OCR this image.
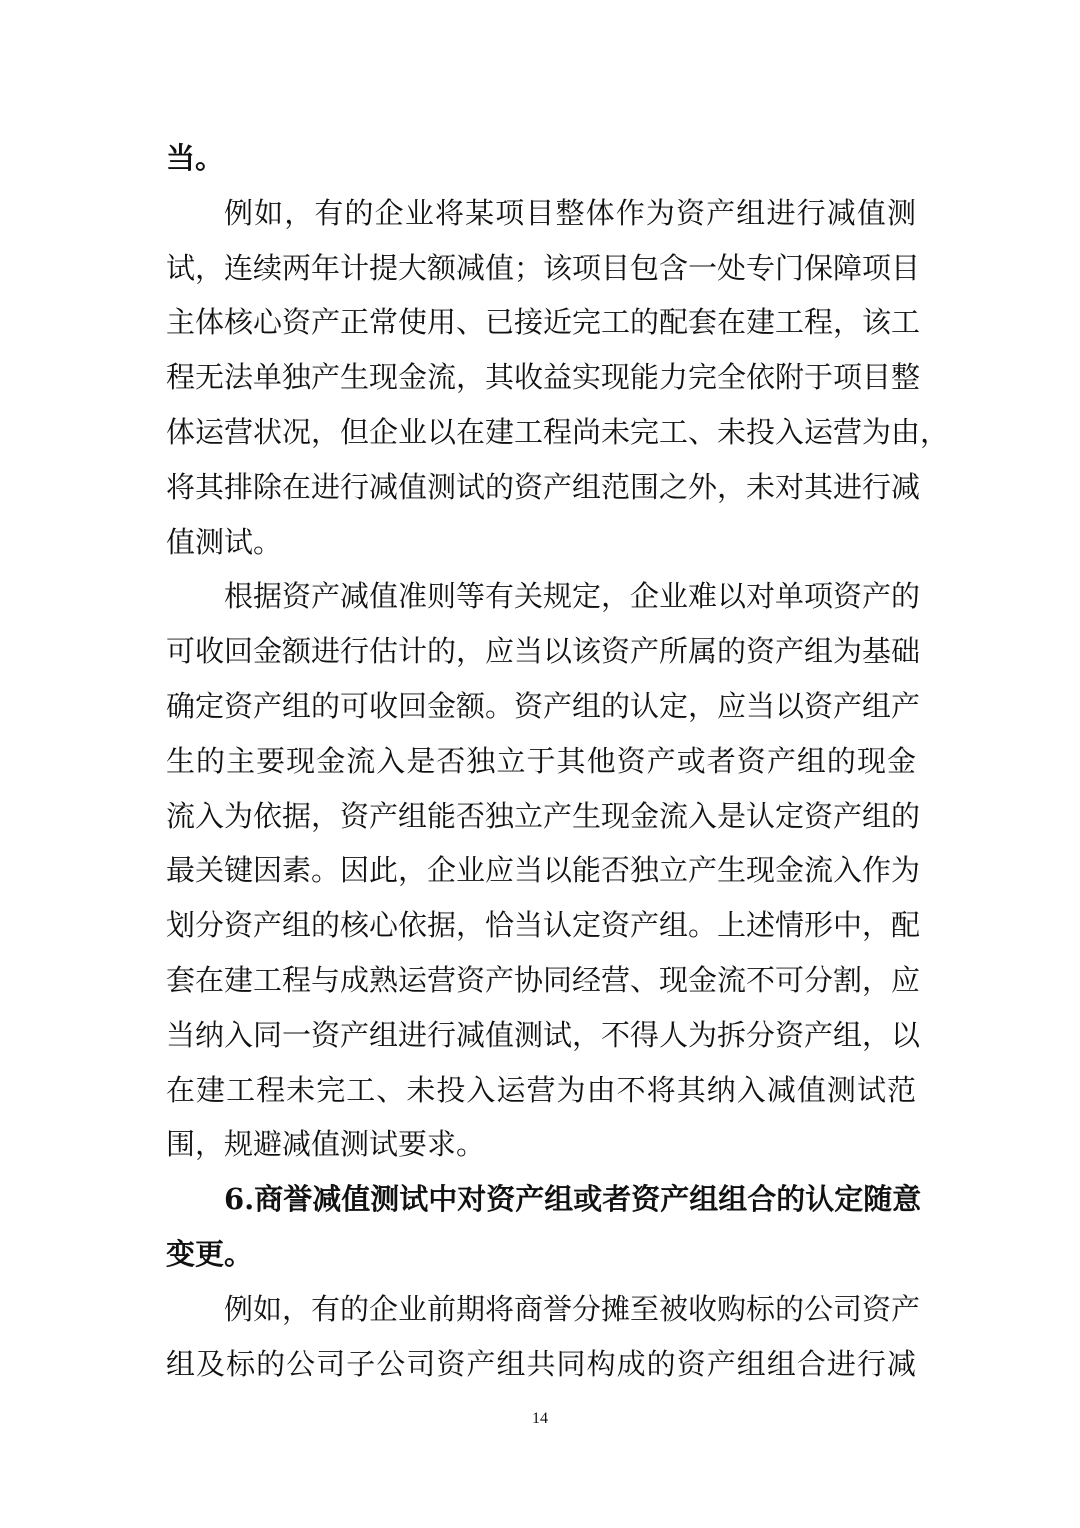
当。
例如，有的企业将某项目整体作为资产组进行减值测
试，连续两年计提大额减值；该项目包含一处专门保障项目
主体核心资产正常使用、已接近完工的配套在建工程，该工
程无法单独产生现金流，其收益实现能力完全依附于项目整
体运营状况，但企业以在建工程尚未完工、未投入运营为由，
将其排除在进行减值测试的资产组范围之外，未对其进行减
值测试。
根据资产减值准则等有关规定，企业难以对单项资产的
可收回金额进行估计的，应当以该资产所属的资产组为基础
确定资产组的可收回金额。资产组的认定，应当以资产组产
生的主要现金流入是否独立于其他资产或者资产组的现金
流入为依据，资产组能否独立产生现金流入是认定资产组的
最关键因素。因此，企业应当以能否独立产生现金流入作为
划分资产组的核心依据，恰当认定资产组。上述情形中，配
套在建工程与成熟运营资产协同经营、现金流不可分割，应
当纳入同一资产组进行减值测试，不得人为拆分资产组，以
在建工程未完工、未投入运营为由不将其纳入减值测试范
围，规避减值测试要求。
6.商誉减值测试中对资产组或者资产组组合的认定随意
变更。
例如，有的企业前期将商誉分摊至被收购标的公司资产
组及标的公司子公司资产组共同构成的资产组组合进行减
14
